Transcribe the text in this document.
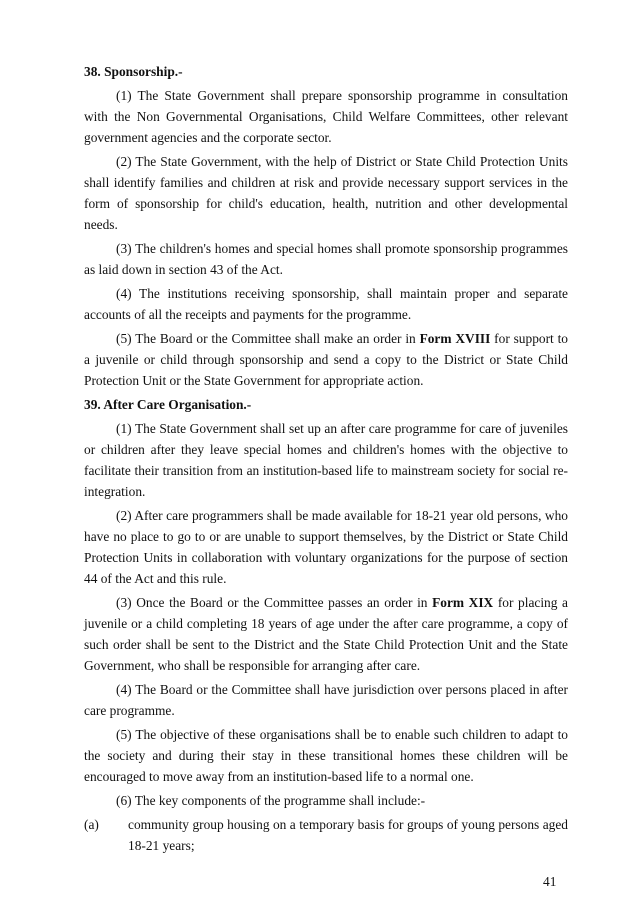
38. Sponsorship.-

(1) The State Government shall prepare sponsorship programme in consultation with the Non Governmental Organisations, Child Welfare Committees, other relevant government agencies and the corporate sector.

(2) The State Government, with the help of District or State Child Protection Units shall identify families and children at risk and provide necessary support services in the form of sponsorship for child's education, health, nutrition and other developmental needs.

(3) The children's homes and special homes shall promote sponsorship programmes as laid down in section 43 of the Act.

(4) The institutions receiving sponsorship, shall maintain proper and separate accounts of all the receipts and payments for the programme.

(5) The Board or the Committee shall make an order in Form XVIII for support to a juvenile or child through sponsorship and send a copy to the District or State Child Protection Unit or the State Government for appropriate action.

39. After Care Organisation.-

(1) The State Government shall set up an after care programme for care of juveniles or children after they leave special homes and children's homes with the objective to facilitate their transition from an institution-based life to mainstream society for social re-integration.

(2) After care programmers shall be made available for 18-21 year old persons, who have no place to go to or are unable to support themselves, by the District or State Child Protection Units in collaboration with voluntary organizations for the purpose of section 44 of the Act and this rule.

(3) Once the Board or the Committee passes an order in Form XIX for placing a juvenile or a child completing 18 years of age under the after care programme, a copy of such order shall be sent to the District and the State Child Protection Unit and the State Government, who shall be responsible for arranging after care.

(4) The Board or the Committee shall have jurisdiction over persons placed in after care programme.

(5) The objective of these organisations shall be to enable such children to adapt to the society and during their stay in these transitional homes these children will be encouraged to move away from an institution-based life to a normal one.

(6) The key components of the programme shall include:-

(a)	community group housing on a temporary basis for groups of young persons aged 18-21 years;
41
